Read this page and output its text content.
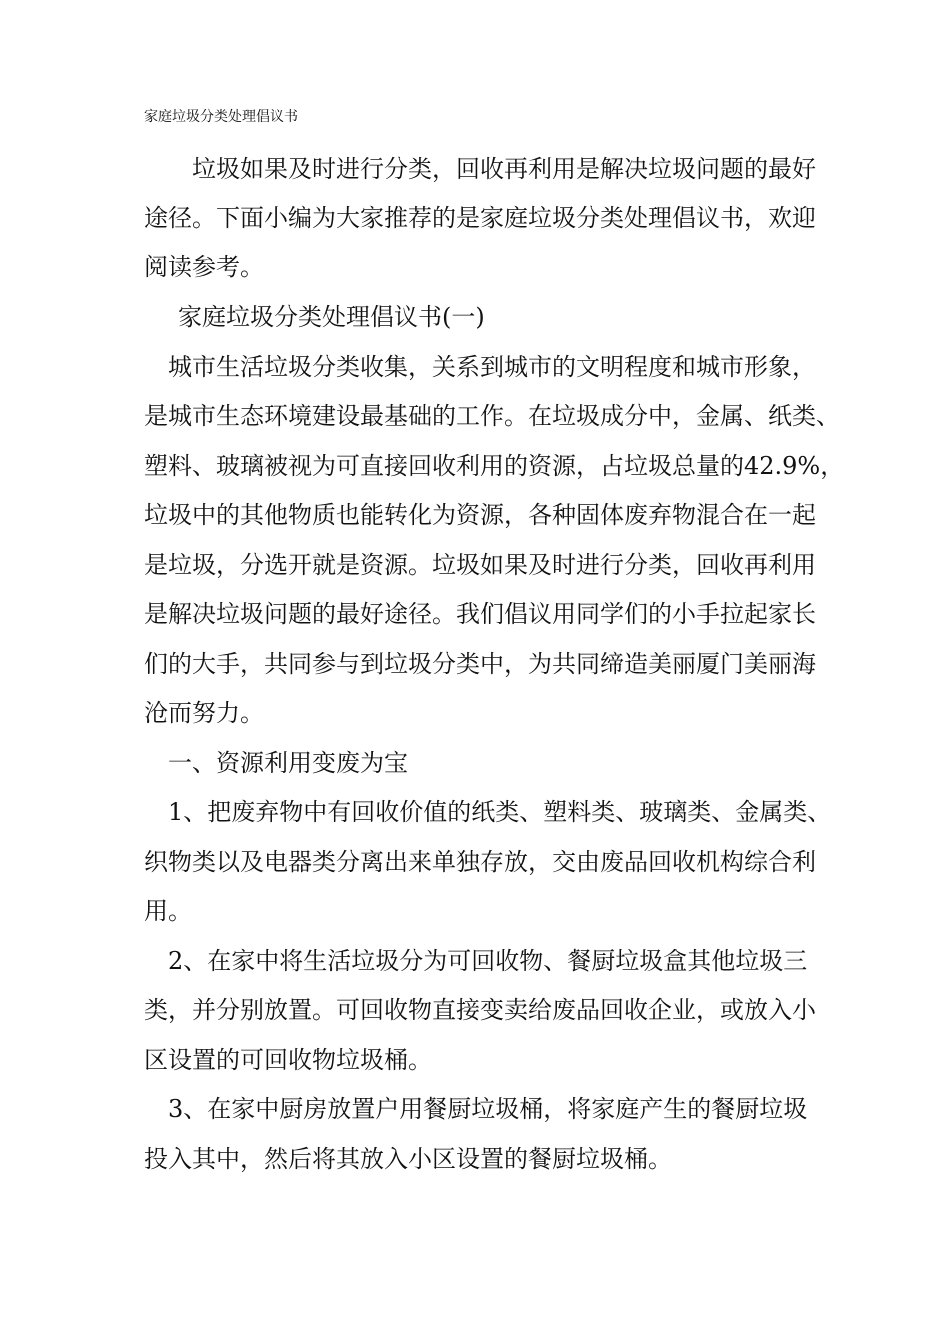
家庭垃圾分类处理倡议书
　垃圾如果及时进行分类，回收再利用是解决垃圾问题的最好
途径。下面小编为大家推荐的是家庭垃圾分类处理倡议书，欢迎
阅读参考。
　家庭垃圾分类处理倡议书(一)
城市生活垃圾分类收集，关系到城市的文明程度和城市形象，
是城市生态环境建设最基础的工作。在垃圾成分中，金属、纸类、
塑料、玻璃被视为可直接回收利用的资源，占垃圾总量的42.9%，
垃圾中的其他物质也能转化为资源，各种固体废弃物混合在一起
是垃圾，分选开就是资源。垃圾如果及时进行分类，回收再利用
是解决垃圾问题的最好途径。我们倡议用同学们的小手拉起家长
们的大手，共同参与到垃圾分类中，为共同缔造美丽厦门美丽海
沧而努力。
一、资源利用变废为宝
1、把废弃物中有回收价值的纸类、塑料类、玻璃类、金属类、
织物类以及电器类分离出来单独存放，交由废品回收机构综合利
用。
2、在家中将生活垃圾分为可回收物、餐厨垃圾盒其他垃圾三
类，并分别放置。可回收物直接变卖给废品回收企业，或放入小
区设置的可回收物垃圾桶。
3、在家中厨房放置户用餐厨垃圾桶，将家庭产生的餐厨垃圾
投入其中，然后将其放入小区设置的餐厨垃圾桶。
